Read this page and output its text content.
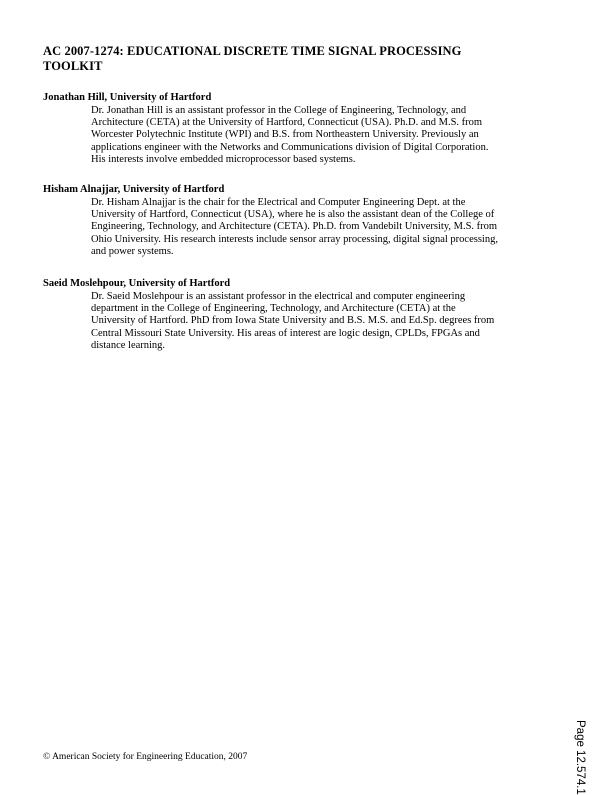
AC 2007-1274: EDUCATIONAL DISCRETE TIME SIGNAL PROCESSING
TOOLKIT
Jonathan Hill, University of Hartford
Dr. Jonathan Hill is an assistant professor in the College of Engineering, Technology, and
Architecture (CETA) at the University of Hartford, Connecticut (USA). Ph.D. and M.S. from
Worcester Polytechnic Institute (WPI) and B.S. from Northeastern University. Previously an
applications engineer with the Networks and Communications division of Digital Corporation.
His interests involve embedded microprocessor based systems.
Hisham Alnajjar, University of Hartford
Dr. Hisham Alnajjar is the chair for the Electrical and Computer Engineering Dept. at the
University of Hartford, Connecticut (USA), where he is also the assistant dean of the College of
Engineering, Technology, and Architecture (CETA). Ph.D. from Vandebilt University, M.S. from
Ohio University. His research interests include sensor array processing, digital signal processing,
and power systems.
Saeid Moslehpour, University of Hartford
Dr. Saeid Moslehpour is an assistant professor in the electrical and computer engineering
department in the College of Engineering, Technology, and Architecture (CETA) at the
University of Hartford. PhD from Iowa State University and B.S. M.S. and Ed.Sp. degrees from
Central Missouri State University. His areas of interest are logic design, CPLDs, FPGAs and
distance learning.
Page 12.574.1
© American Society for Engineering Education, 2007
